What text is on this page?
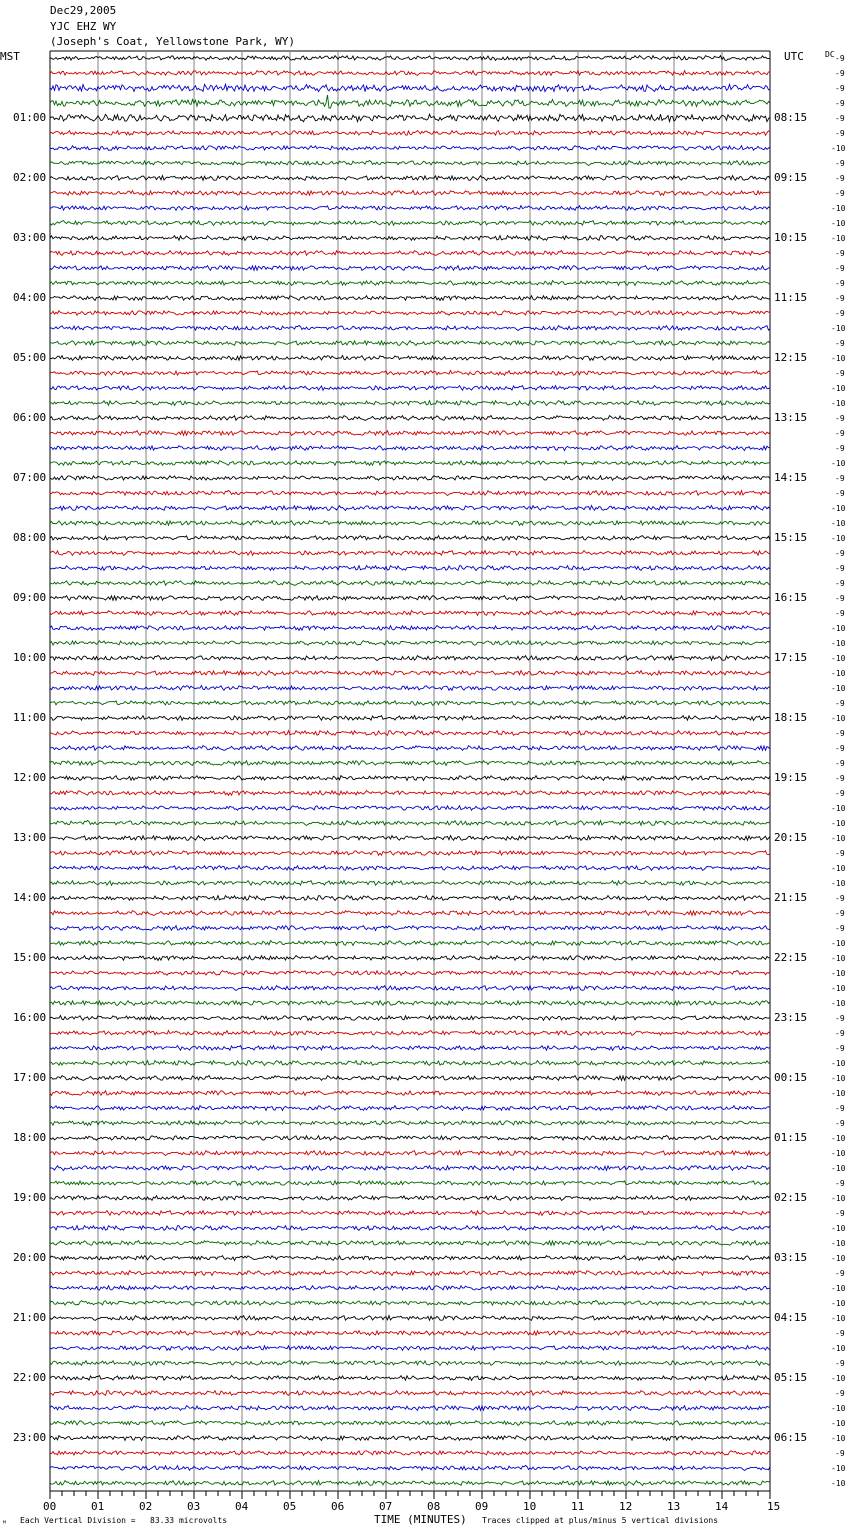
Dec29,2005
YJC EHZ WY
(Joseph's Coat, Yellowstone Park, WY)
MST	UTC	DC
01:00
02:00
03:00
04:00
05:00
06:00
07:00
08:00
09:00
10:00
11:00
12:00
13:00
14:00
15:00
16:00
17:00
18:00
19:00
20:00
21:00
22:00
23:00
08:15
09:15
10:15
11:15
12:15
13:15
14:15
15:15
16:15
17:15
18:15
19:15
20:15
21:15
22:15
23:15
00:15
01:15
02:15
03:15
04:15
05:15
06:15
-9
-9
-9
-9
-9
-9
-10
-9
-9
-9
-10
-10
-10
-9
-9
-9
-9
-9
-10
-9
-10
-9
-10
-10
-9
-9
-9
-10
-9
-9
-10
-10
-10
-9
-9
-9
-9
-9
-10
-10
-10
-10
-10
-9
-10
-9
-9
-9
-9
-9
-10
-10
-10
-9
-10
-10
-9
-9
-9
-10
-10
-10
-10
-10
-9
-9
-9
-10
-10
-10
-9
-9
-10
-10
-10
-9
-10
-9
-10
-10
-10
-9
-10
-10
-10
-9
-10
-9
-10
-9
-10
-10
-10
-9
-10
-10
00	01	02	03	04	05	06	07	08	09	10	11	12	13	14	15
ᴹ Each Vertical Division =   83.33 microvolts	TIME (MINUTES) Traces clipped at plus/minus 5 vertical divisions
